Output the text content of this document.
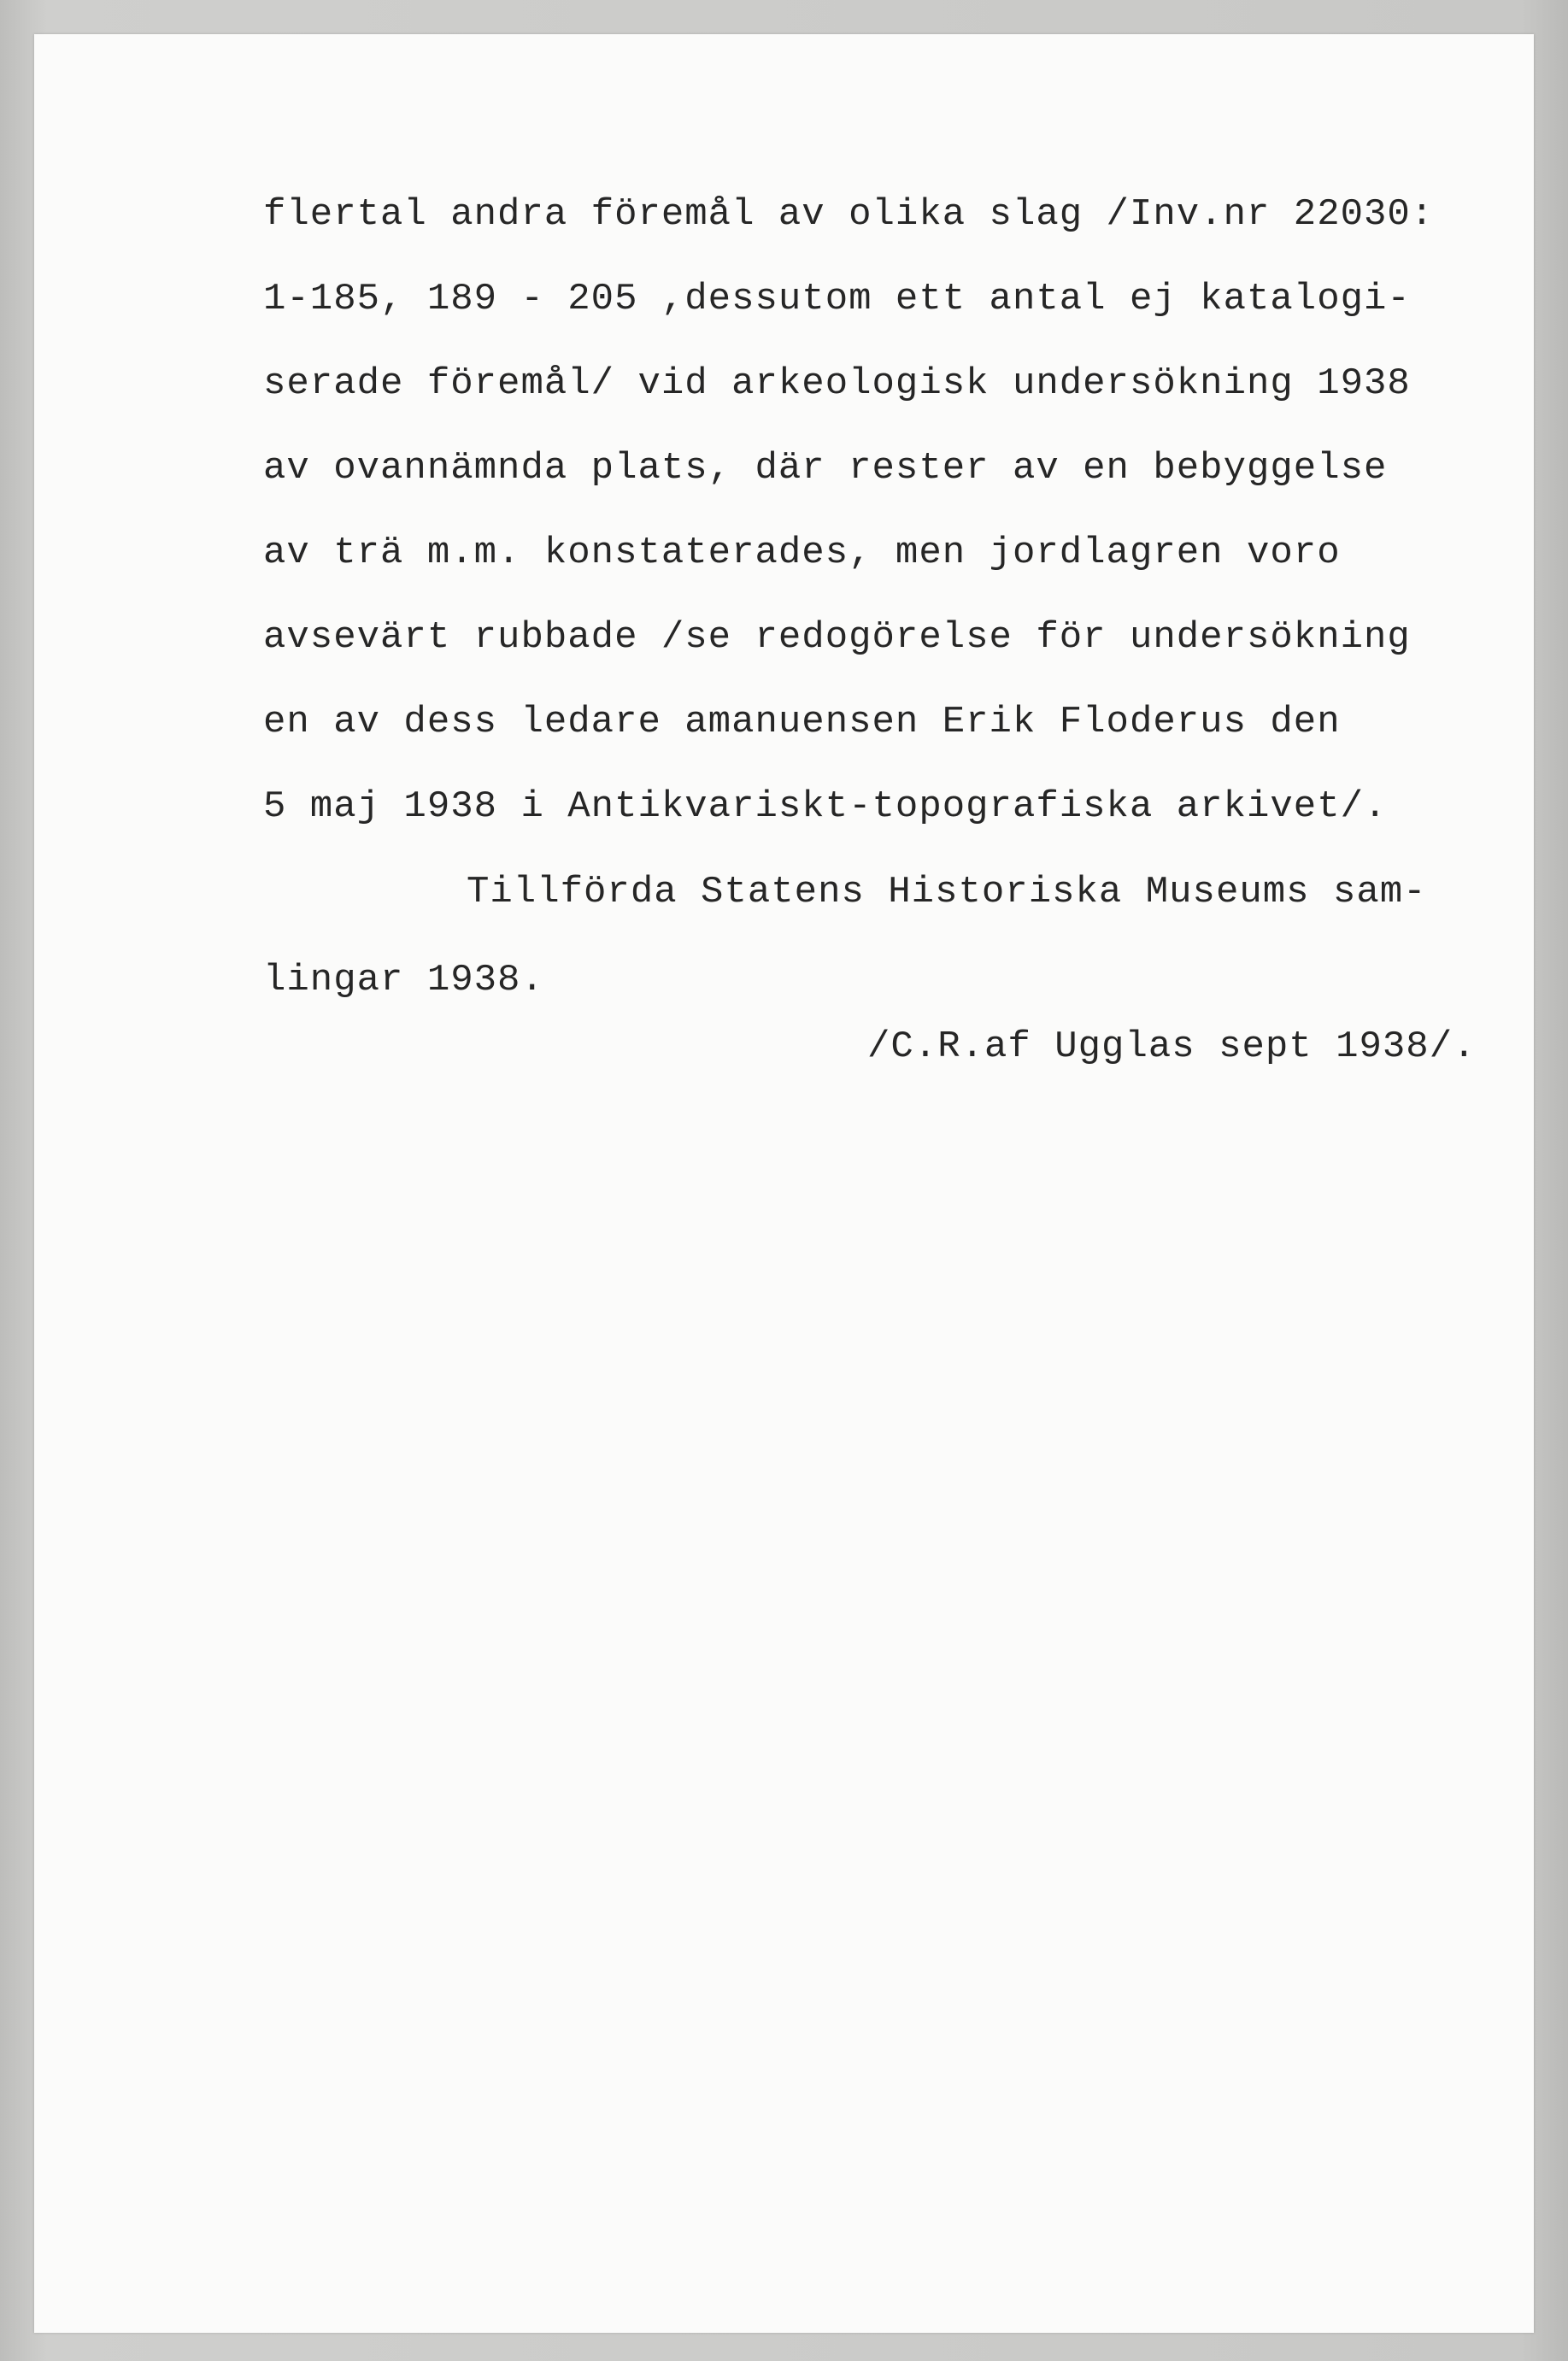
flertal andra föremål av olika slag /Inv.nr 22030:

1-185, 189 - 205 ,dessutom ett antal ej katalogi-

serade föremål/ vid arkeologisk undersökning 1938

av ovannämnda plats, där rester av en bebyggelse

av trä m.m. konstaterades, men jordlagren voro

avsevärt rubbade /se redogörelse för undersökning

en av dess ledare amanuensen Erik Floderus den

5 maj 1938 i Antikvariskt-topografiska arkivet/.

Tillförda Statens Historiska Museums sam-

lingar 1938.

/C.R.af Ugglas sept 1938/.
